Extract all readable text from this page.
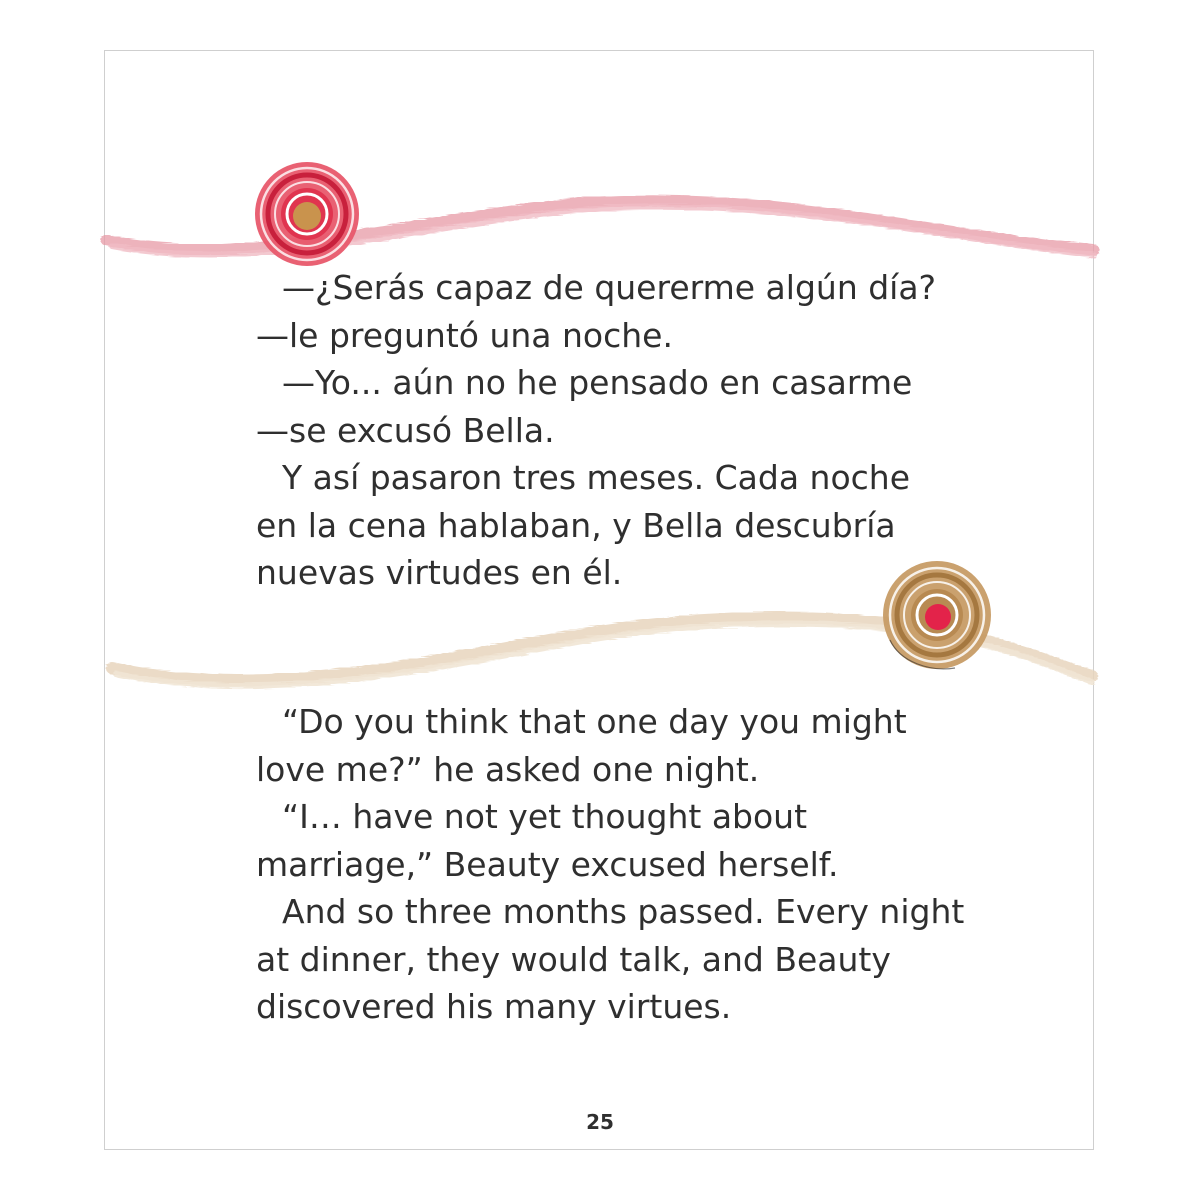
—¿Serás capaz de quererme algún día?
—le preguntó una noche.
—Yo... aún no he pensado en casarme
—se excusó Bella.
Y así pasaron tres meses. Cada noche
en la cena hablaban, y Bella descubría
nuevas virtudes en él.
“Do you think that one day you might
love me?” he asked one night.
“I… have not yet thought about
marriage,” Beauty excused herself.
And so three months passed. Every night
at dinner, they would talk, and Beauty
discovered his many virtues.
25
